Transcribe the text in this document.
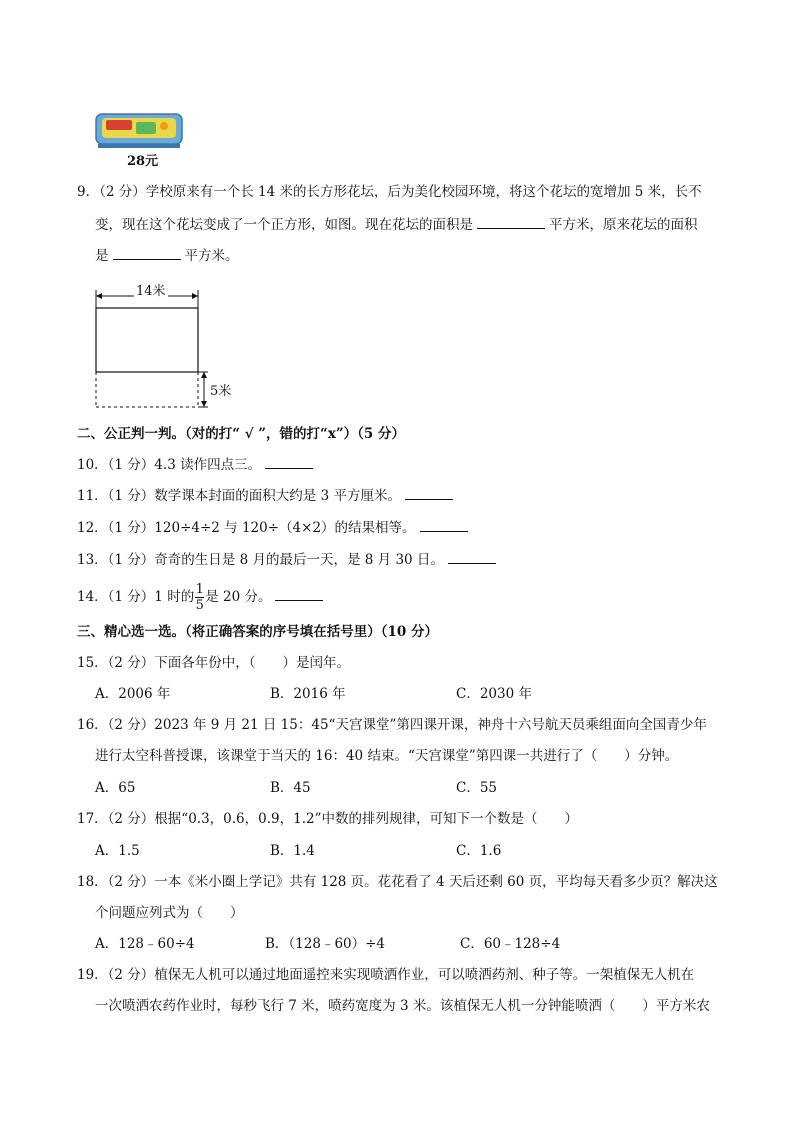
28元
9．（2 分）学校原来有一个长 14 米的长方形花坛，后为美化校园环境，将这个花坛的宽增加 5 米，长不
变，现在这个花坛变成了一个正方形，如图。现在花坛的面积是	平方米，原来花坛的面积
是	平方米。
14米
5米
二、公正判一判。（对的打“ √ ”，错的打“x”）（5 分）
10．（1 分）4.3 读作四点三。
11．（1 分）数学课本封面的面积大约是 3 平方厘米。
12．（1 分）120÷4÷2 与 120÷（4×2）的结果相等。
13．（1 分）奇奇的生日是 8 月的最后一天，是 8 月 30 日。
14．（1 分）1 时的 $\frac{1}{5}$ 是 20 分。
三、精心选一选。（将正确答案的序号填在括号里）（10 分）
15．（2 分）下面各年份中，（　　）是闰年。
A．2006 年	B．2016 年	C．2030 年
16．（2 分）2023 年 9 月 21 日 15：45“天宫课堂”第四课开课，神舟十六号航天员乘组面向全国青少年
进行太空科普授课，该课堂于当天的 16：40 结束。“天宫课堂”第四课一共进行了（　　）分钟。
A．65	B．45	C．55
17．（2 分）根据“0.3，0.6，0.9，1.2”中数的排列规律，可知下一个数是（　　）
A．1.5	B．1.4	C．1.6
18．（2 分）一本《米小圈上学记》共有 128 页。花花看了 4 天后还剩 60 页，平均每天看多少页？解决这
个问题应列式为（　　）
A．128﹣60÷4	B．（128﹣60）÷4	C．60﹣128÷4
19．（2 分）植保无人机可以通过地面遥控来实现喷洒作业，可以喷洒药剂、种子等。一架植保无人机在
一次喷洒农药作业时，每秒飞行 7 米，喷药宽度为 3 米。该植保无人机一分钟能喷洒（　　）平方米农
